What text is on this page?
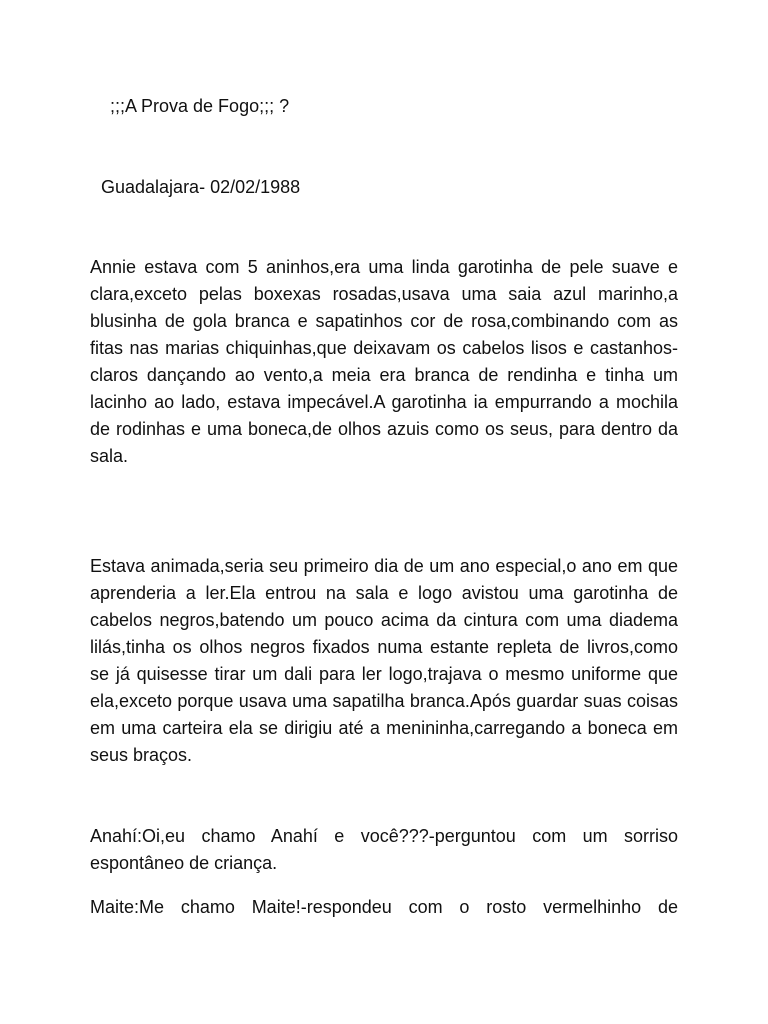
;;;A Prova de Fogo;;; ?
Guadalajara- 02/02/1988

Annie estava com 5 aninhos,era uma linda garotinha de pele suave e clara,exceto pelas boxexas rosadas,usava uma saia azul marinho,a blusinha de gola branca e sapatinhos cor de rosa,combinando com as fitas nas marias chiquinhas,que deixavam os cabelos lisos e castanhos-claros dançando ao vento,a meia era branca de rendinha e tinha um lacinho ao lado, estava impecável.A garotinha ia empurrando a mochila de rodinhas e uma boneca,de olhos azuis como os seus, para dentro da sala.

Estava animada,seria seu primeiro dia de um ano especial,o ano em que aprenderia a ler.Ela entrou na sala e logo avistou uma garotinha de cabelos negros,batendo um pouco acima da cintura com uma diadema lilás,tinha os olhos negros fixados numa estante repleta de livros,como se já quisesse tirar um dali para ler logo,trajava o mesmo uniforme que ela,exceto porque usava uma sapatilha branca.Após guardar suas coisas em uma carteira ela se dirigiu até a menininha,carregando a boneca em seus braços.

Anahí:Oi,eu chamo Anahí e você???-perguntou com um sorriso espontâneo de criança.

Maite:Me chamo Maite!-respondeu com o rosto vermelhinho de
